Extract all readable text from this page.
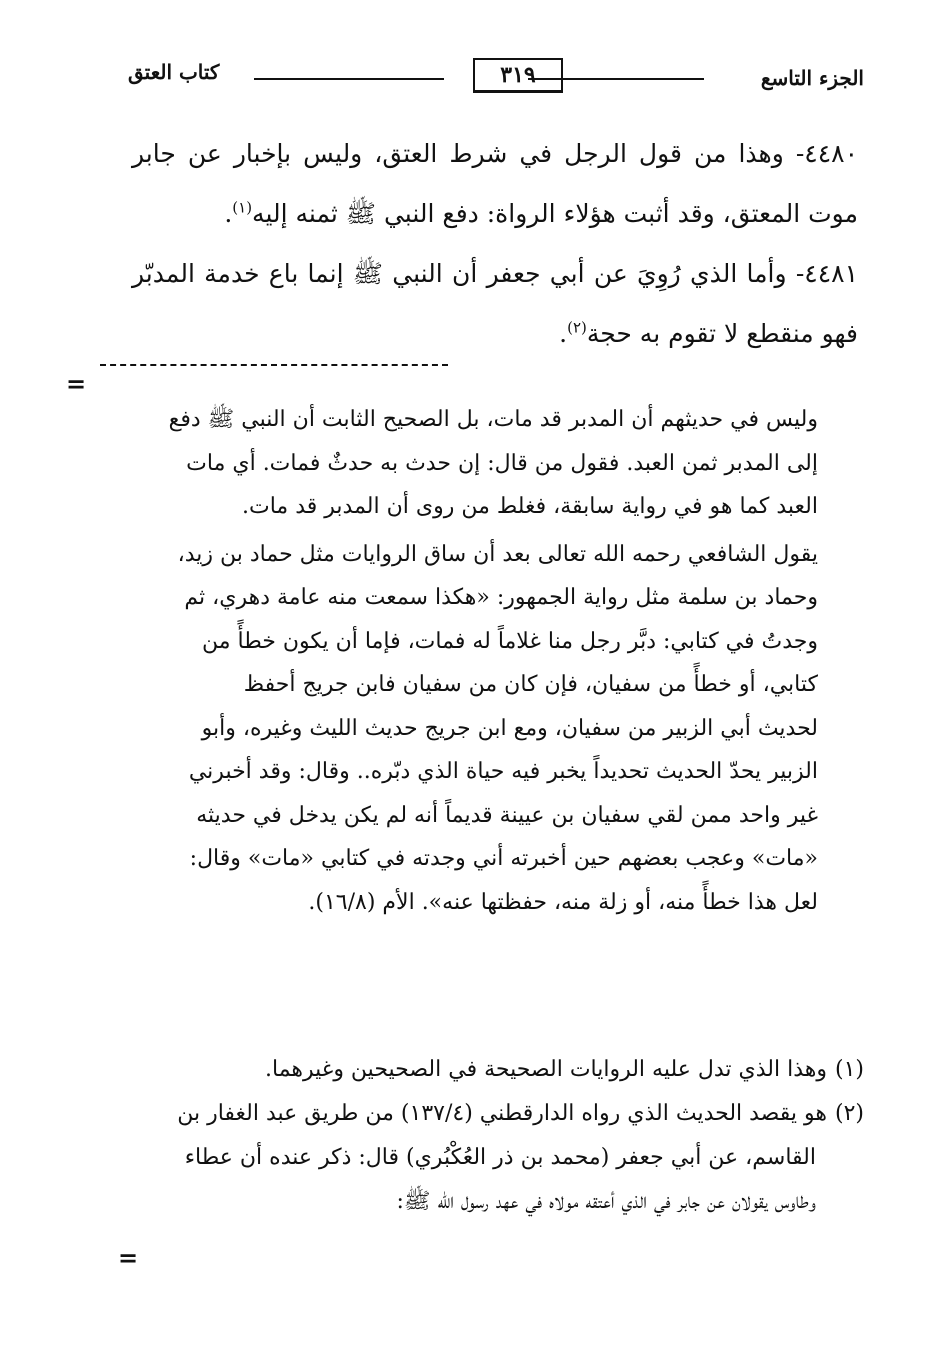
الجزء التاسع
٣١٩
كتاب العتق

٤٤٨٠- وهذا من قول الرجل في شرط العتق، وليس بإخبار عن جابر موت المعتق، وقد أثبت هؤلاء الرواة: دفع النبي ﷺ ثمنه إليه$^{(١)}$.

٤٤٨١- وأما الذي رُوِيَ عن أبي جعفر أن النبي ﷺ إنما باع خدمة المدبّر فهو منقطع لا تقوم به حجة$^{(٢)}$.

=

وليس في حديثهم أن المدبر قد مات، بل الصحيح الثابت أن النبي ﷺ دفع

إلى المدبر ثمن العبد. فقول من قال: إن حدث به حدثٌ فمات. أي مات

العبد كما هو في رواية سابقة، فغلط من روى أن المدبر قد مات.

يقول الشافعي رحمه الله تعالى بعد أن ساق الروايات مثل حماد بن زيد،

وحماد بن سلمة مثل رواية الجمهور: «هكذا سمعت منه عامة دهري، ثم

وجدتُ في كتابي: دبَّر رجل منا غلاماً له فمات، فإما أن يكون خطأً من

كتابي، أو خطأً من سفيان، فإن كان من سفيان فابن جريج أحفظ

لحديث أبي الزبير من سفيان، ومع ابن جريج حديث الليث وغيره، وأبو

الزبير يحدّ الحديث تحديداً يخبر فيه حياة الذي دبّره.. وقال: وقد أخبرني

غير واحد ممن لقي سفيان بن عيينة قديماً أنه لم يكن يدخل في حديثه

«مات» وعجب بعضهم حين أخبرته أني وجدته في كتابي «مات» وقال:

لعل هذا خطأً منه، أو زلة منه، حفظتها عنه». الأم (١٦/٨).

(١)وهذا الذي تدل عليه الروايات الصحيحة في الصحيحين وغيرهما.
(٢)هو يقصد الحديث الذي رواه الدارقطني (١٣٧/٤) من طريق عبد الغفار بن
القاسم، عن أبي جعفر (محمد بن ذر العُكْبُري) قال: ذكر عنده أن عطاء
وطاوس يقولان عن جابر في الذي أعتقه مولاه في عهد رسول الله ﷺ:
=
